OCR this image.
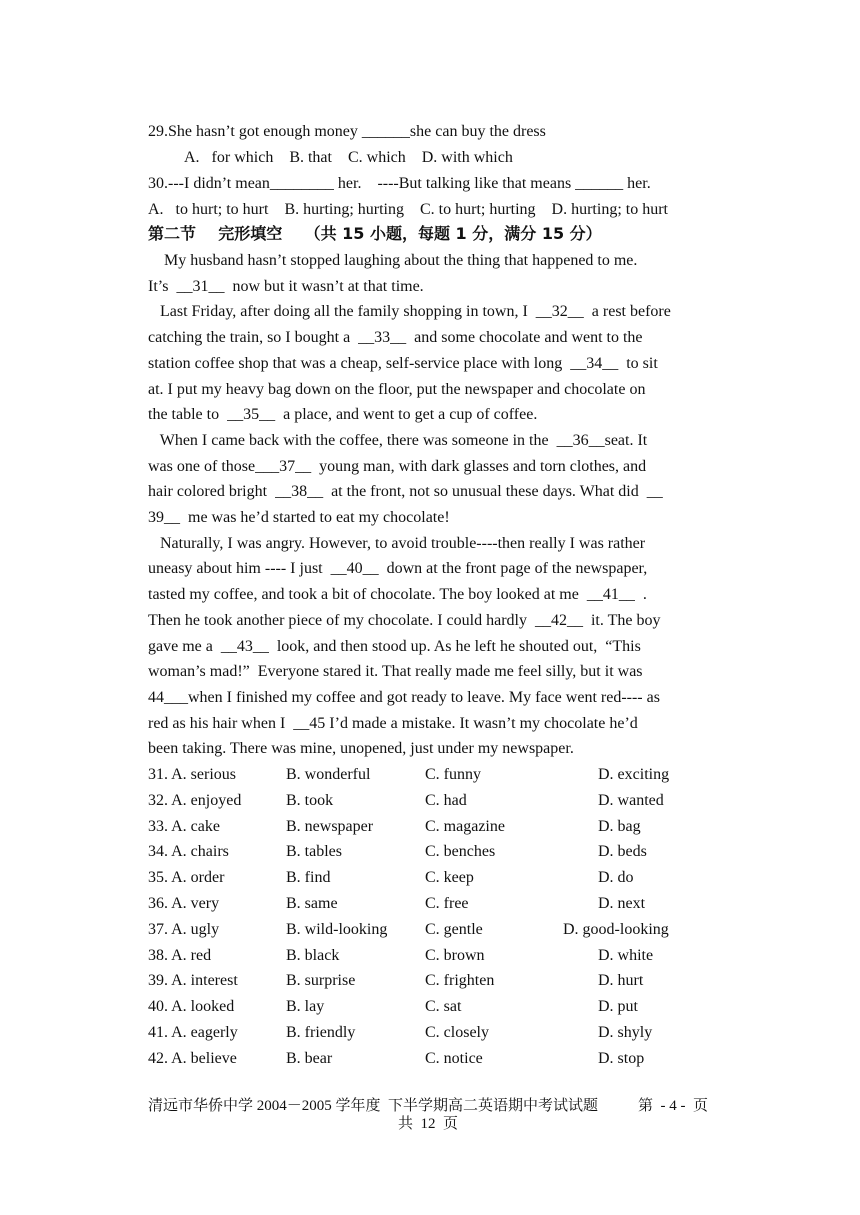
29.She hasn’t got enough money ______she can buy the dress
A.   for which    B. that    C. which    D. with which
30.---I didn’t mean________ her.    ----But talking like that means ______ her.
A.   to hurt; to hurt    B. hurting; hurting    C. to hurt; hurting    D. hurting; to hurt
第二节    完形填空    （共 15 小题，每题 1 分，满分 15 分）
My husband hasn’t stopped laughing about the thing that happened to me.
It’s  __31__  now but it wasn’t at that time.
Last Friday, after doing all the family shopping in town, I  __32__  a rest before
catching the train, so I bought a  __33__  and some chocolate and went to the
station coffee shop that was a cheap, self-service place with long  __34__  to sit
at. I put my heavy bag down on the floor, put the newspaper and chocolate on
the table to  __35__  a place, and went to get a cup of coffee.
When I came back with the coffee, there was someone in the  __36__seat. It
was one of those___37__  young man, with dark glasses and torn clothes, and
hair colored bright  __38__  at the front, not so unusual these days. What did  __
39__  me was he’d started to eat my chocolate!
Naturally, I was angry. However, to avoid trouble----then really I was rather
uneasy about him ---- I just  __40__  down at the front page of the newspaper,
tasted my coffee, and took a bit of chocolate. The boy looked at me  __41__  .
Then he took another piece of my chocolate. I could hardly  __42__  it. The boy
gave me a  __43__  look, and then stood up. As he left he shouted out,  “This
woman’s mad!”  Everyone stared it. That really made me feel silly, but it was
44___when I finished my coffee and got ready to leave. My face went red---- as
red as his hair when I  __45 I’d made a mistake. It wasn’t my chocolate he’d
been taking. There was mine, unopened, just under my newspaper.
31. A. serious	B. wonderful	C. funny	D. exciting
32. A. enjoyed	B. took	C. had	D. wanted
33. A. cake	B. newspaper	C. magazine	D. bag
34. A. chairs	B. tables	C. benches	D. beds
35. A. order	B. find	C. keep	D. do
36. A. very	B. same	C. free	D. next
37. A. ugly	B. wild-looking C. gentle	D. good-looking
38. A. red	B. black	C. brown	D. white
39. A. interest	B. surprise	C. frighten	D. hurt
40. A. looked	B. lay	C. sat	D. put
41. A. eagerly	B. friendly	C. closely	D. shyly
42. A. believe	B. bear	C. notice	D. stop
清远市华侨中学 2004－2005 学年度  下半学期高二英语期中考试试题	第  - 4 -  页
共  12  页
